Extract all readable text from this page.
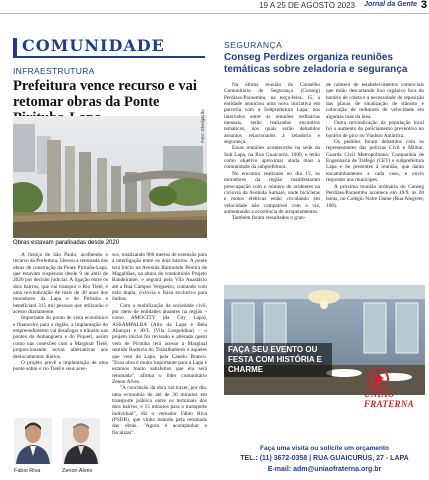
19 A 25 DE AGOSTO 2023 Jornal da Gente 3
COMUNIDADE
INFRAESTRUTURA
Prefeitura vence recurso e vai retomar obras da Ponte
Foto: Divulgação
Obras estavam paralisadas desde 2020

A Justiça de São Paulo, acolhendo o recurso da Prefeitura, liberou a retomada das obras de construção da Ponte Pirituba-Lapa, que estavam suspensas desde 9 de abril de 2020 por decisão judicial. A ligação entre os dois bairros, que vai transpor o Rio Tietê, é uma reivindicação de mais de 40 anos dos moradores da Lapa e de Pirituba e beneficiará 315 mil pessoas que utilizarão o acesso diariamente.

Importante do ponto de vista econômico e financeiro para a região, a implantação do empreendimento vai desafogar o trânsito nas pontes do Anhanguera e do Piqueri, assim como nas conexões com a Marginal Tietê, proporcionando novas alternativas aos deslocamentos diários.

O projeto prevê a implantação de uma ponte sobre o rio Tietê e seus aces-

sos, totalizando 900 metros de extensão para a interligação entre os dois bairros. A ponte terá início na Avenida Raimundo Pereira de Magalhães, na altura do condomínio Projeto Bandeirante, e seguirá pela Vila Anastácio até a Rua Campos Vergueiro, contando com mão dupla, ciclovia e faixa exclusiva para ônibus.

Com a mobilização da sociedade civil, por meio de entidades atuantes na região – como AMOCITY (da City Lapa), ASSAMPALBA (Alto da Lapa e Bela Aliança) e AVL (Vila Leopoldina) – o projeto inicial foi revisado e alterado quem vem de Pirituba terá acesso à Marginal sentido Rodovia do Trabalhadores e aqueles que vem da Lapa, pela Canelo Branco. "Essa obra é muito importante para a Lapa e estamos muito satisfeitos que ela será retomada", afirma o líder comunitário Zenon Alves.

"A conclusão da obra vai trazer, por dia, uma economia de até de 36 minutos em transporte público entre os terminais dos dois bairros, e 15 minutos para o transporte individual", diz o vereador Fábio Riva (PSDB), que vinha lutando pela retomada das obras. "Agora é acompanhar e fiscalizar".

Fabio Riva	Zenon Alves
SEGURANÇA
Conseg Perdizes organiza reuniões temáticas sobre zeladoria e segurança

Na última reunião do Conselho Comunitário de Segurança (Conseg) Perdizes/Pacaembu, na terça-feira, 15, a entidade anunciou uma nova iniciativa em parceria com a Subprefeitura Lapa: nos intervalos entre as reuniões ordinárias mensais, serão realizados encontros temáticos, nos quais serão debatidos assuntos relacionados à zeladoria e segurança.

Essas reuniões acontecerão na sede da Sub Lapa, na Rua Guaicurús, 1000, e terão como objetivo aproximar ainda mais a comunidade da subprefeitura.

No encontro realizado no dia 15, os moradores da região manifestaram preocupação com o número de acidentes na ciclovia da Avenida Sumaré, onde bicicletas e motos elétricas estão circulando em velocidade não compatível com a via, aumentando a ocorrência de atropelamentos.

Também foram ressaltados o gran-

de número de estabelecimentos comerciais que estão descartando lixo orgânico fora do horário de coleta e a necessidade de reposição das placas de sinalização de trânsito e colocação de redutores de velocidade em algumas ruas da área.

Outra reivindicação da população local foi o aumento do policiamento preventivo no horário de pico no Viaduto Antártica.

Os pedidos foram debatidos com os representantes das policias Civil e Militar, Guarda Civil Metropolitana, Companhia de Engenharia de Tráfego (CET) e subprefeitura Lapa e Se presentes à reunião, que darão encaminhamento a cada caso, e envio respostas aos munícipes.

A próxima reunião ordinária do Conseg Perdizes/Pacaembu acontece em 19/9, às 20 horas, no Colégio Notre Dame (Rua Alegrete, 168).

FAÇA SEU EVENTO OU FESTA COM HISTÓRIA E CHARME
UNIÃO FRATERNA
Faça uma visita ou solicite um orçamento
TEL.: (11) 3672-0358 | RUA GUAICURUS, 27 - LAPA
E-mail: adm@uniaofraterna.org.br
